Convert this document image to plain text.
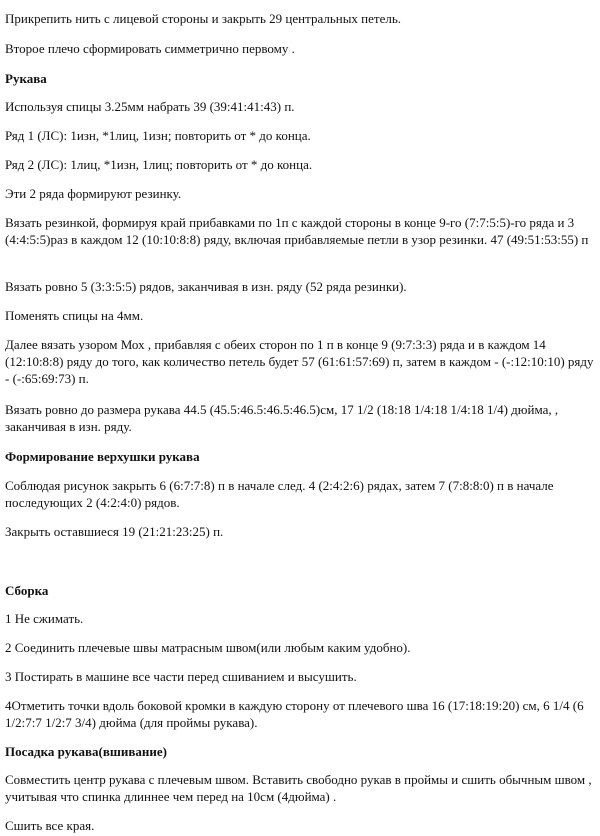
Прикрепить нить с лицевой стороны и закрыть 29 центральных петель.

Второе плечо сформировать симметрично первому .

Рукава

Используя спицы 3.25мм набрать 39 (39:41:41:43) п.

Ряд 1 (ЛС): 1изн, *1лиц, 1изн; повторить от * до конца.

Ряд 2 (ЛС): 1лиц, *1изн, 1лиц; повторить от * до конца.

Эти 2 ряда формируют резинку.

Вязать резинкой, формируя край прибавками по 1п с каждой стороны в конце 9-го (7:7:5:5)-го ряда и 3 (4:4:5:5)раз в каждом 12 (10:10:8:8) ряду, включая прибавляемые петли в узор резинки. 47 (49:51:53:55) п

Вязать ровно 5 (3:3:5:5) рядов, заканчивая в изн. ряду (52 ряда резинки).

Поменять спицы на 4мм.

Далее вязать узором Мох , прибавляя с обеих сторон по 1 п в конце 9 (9:7:3:3) ряда и в каждом 14 (12:10:8:8) ряду до того, как количество петель будет 57 (61:61:57:69) п, затем в каждом - (-:12:10:10) ряду - (-:65:69:73) п.

Вязать ровно до размера рукава 44.5 (45.5:46.5:46.5:46.5)см, 17 1/2 (18:18 1/4:18 1/4:18 1/4) дюйма, , заканчивая в изн. ряду.

Формирование верхушки рукава

Соблюдая рисунок закрыть 6 (6:7:7:8) п в начале след. 4 (2:4:2:6) рядах, затем 7 (7:8:8:0) п в начале последующих 2 (4:2:4:0) рядов.

Закрыть оставшиеся 19 (21:21:23:25) п.

Сборка

1 Не сжимать.

2 Соединить плечевые швы матрасным швом(или любым каким удобно).

3 Постирать в машине все части перед сшиванием и высушить.

4Отметить точки вдоль боковой кромки в каждую сторону от плечевого шва 16 (17:18:19:20) см, 6 1/4 (6 1/2:7:7 1/2:7 3/4) дюйма (для проймы рукава).

Посадка рукава(вшивание)

Совместить центр рукава с плечевым швом. Вставить свободно рукав в проймы и сшить обычным швом , учитывая что спинка длиннее чем перед на 10см (4дюйма) .

Сшить все края.
